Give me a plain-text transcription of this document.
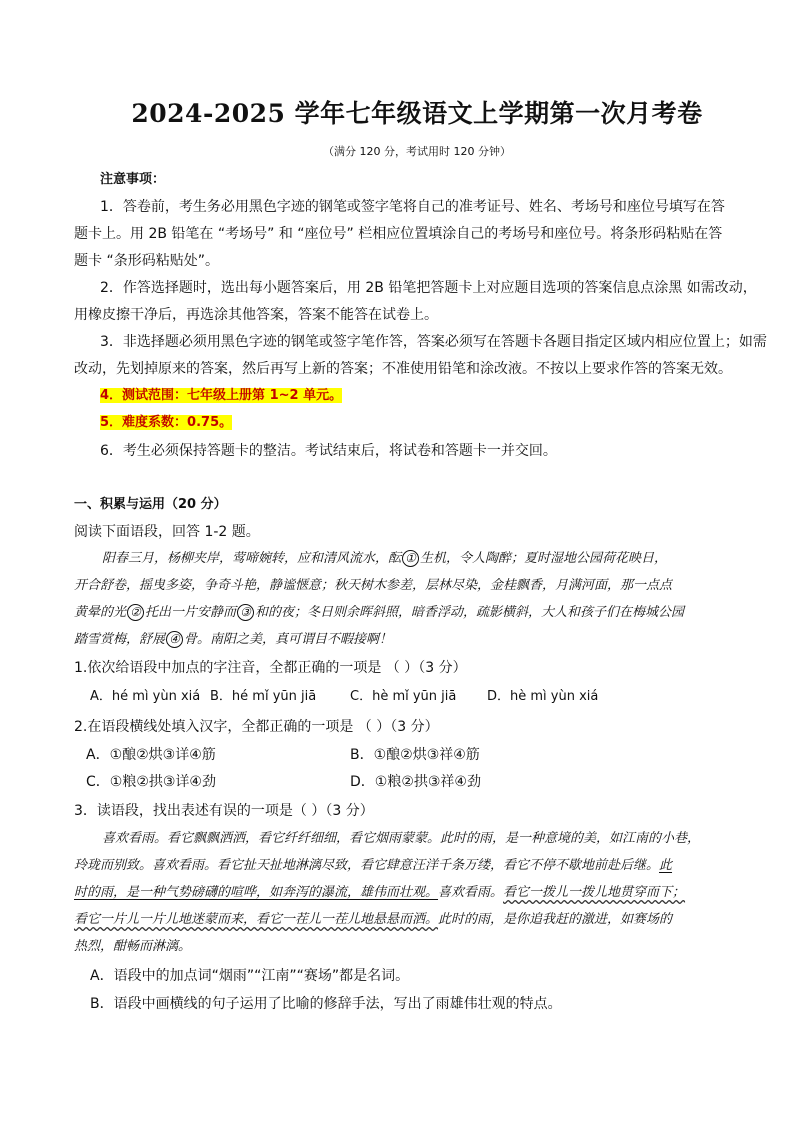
2024-2025 学年七年级语文上学期第一次月考卷
（满分 120 分，考试用时 120 分钟）
注意事项：
1．答卷前，考生务必用黑色字迹的钢笔或签字笔将自己的准考证号、姓名、考场号和座位号填写在答
题卡上。用 2B 铅笔在 “考场号” 和 “座位号” 栏相应位置填涂自己的考场号和座位号。将条形码粘贴在答
题卡 “条形码粘贴处”。
2．作答选择题时，选出每小题答案后，用 2B 铅笔把答题卡上对应题目选项的答案信息点涂黑 如需改动，
用橡皮擦干净后，再选涂其他答案，答案不能答在试卷上。
3．非选择题必须用黑色字迹的钢笔或签字笔作答，答案必须写在答题卡各题目指定区域内相应位置上；如需
改动，先划掉原来的答案，然后再写上新的答案；不准使用铅笔和涂改液。不按以上要求作答的答案无效。
4．测试范围：七年级上册第 1~2 单元。
5．难度系数：0.75。
6．考生必须保持答题卡的整洁。考试结束后，将试卷和答题卡一并交回。
一、积累与运用（20 分）
阅读下面语段，回答 1-2 题。
阳春三月，杨柳夹岸，莺啼婉转，应和清风流水，酝 ① 生机，令人陶醉；夏时湿地公园荷花映日，
开合舒卷，摇曳多姿，争奇斗艳，静谧惬意；秋天树木参差，层林尽染，金桂飘香，月满河面，那一点点
黄晕的光 ② 托出一片安静而 ③ 和的夜；冬日则余晖斜照，暗香浮动，疏影横斜，大人和孩子们在梅城公园
踏雪赏梅，舒展 ④ 骨。南阳之美，真可谓目不暇接啊！
1.依次给语段中加点的字注音，全都正确的一项是 （ ）（3 分）
A．hé mì yùn xiá B．hé mǐ yūn jiā	C．hè mǐ yūn jiā D．hè mì yùn xiá
2.在语段横线处填入汉字，全都正确的一项是 （ ）（3 分）
A．①酿②烘③详④筋	B．①酿②烘③祥④筋
C．①粮②拱③详④劲	D．①粮②拱③祥④劲
3．读语段，找出表述有误的一项是（ ）（3 分）
喜欢看雨。看它飘飘洒洒，看它纤纤细细，看它烟雨蒙蒙。此时的雨，是一种意境的美，如江南的小巷，
玲珑而别致。喜欢看雨。看它扯天扯地淋漓尽致，看它肆意汪洋千条万缕，看它不停不歇地前赴后继。此
时的雨，是一种气势磅礴的喧哗，如奔泻的瀑流，雄伟而壮观。喜欢看雨。看它一拨儿一拨儿地贯穿而下；
看它一片儿一片儿地迷蒙而来，看它一茬儿一茬儿地悬悬而洒。此时的雨，是你追我赶的激进，如赛场的
热烈，酣畅而淋漓。
A．语段中的加点词“烟雨”“江南”“赛场”都是名词。
B．语段中画横线的句子运用了比喻的修辞手法，写出了雨雄伟壮观的特点。
